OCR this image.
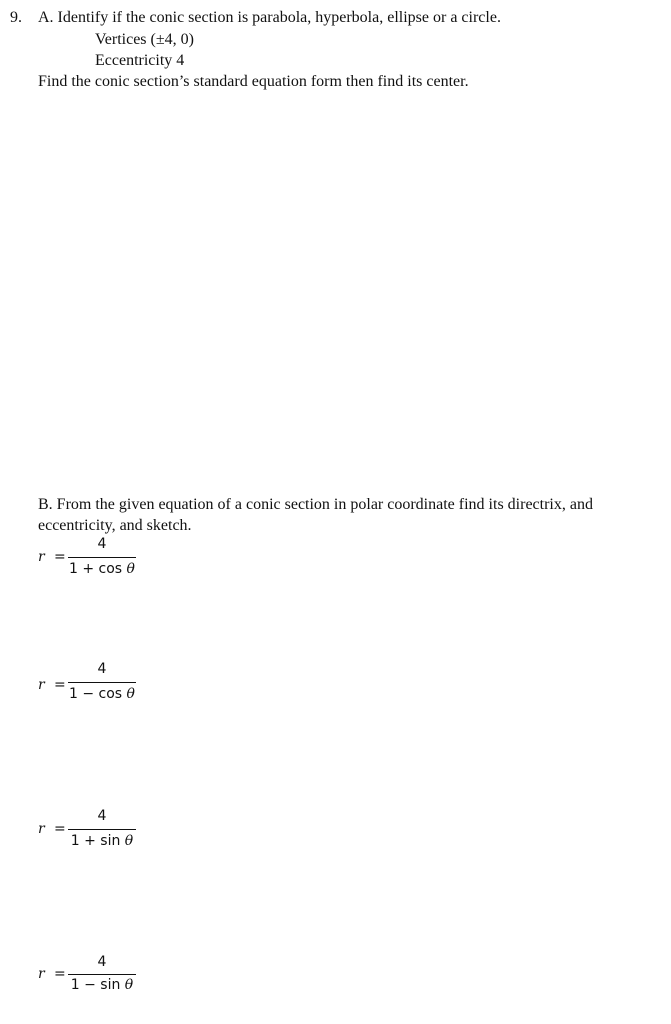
9. A. Identify if the conic section is parabola, hyperbola, ellipse or a circle.
Vertices (±4, 0)
Eccentricity 4
Find the conic section’s standard equation form then find its center.
B. From the given equation of a conic section in polar coordinate find its directrix, and
eccentricity, and sketch.
r =
4
1 + cos θ
r =
4
1 − cos θ
r =
4
1 + sin θ
r =
4
1 − sin θ
